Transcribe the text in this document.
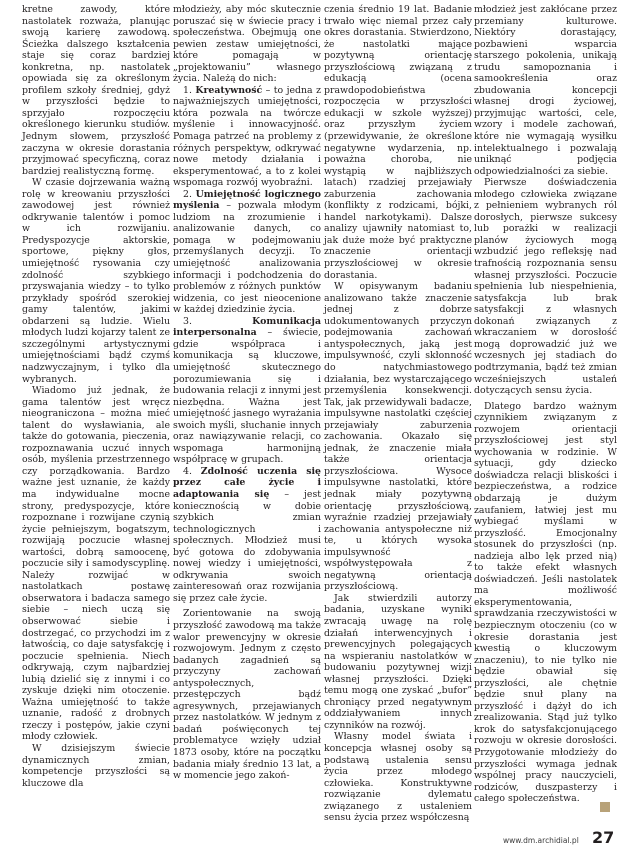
kretne zawody, które nastolatek rozważa, planując swoją karierę zawodową. Ścieżka dalszego kształcenia staje się coraz bardziej konkretna, np. nastolatek opowiada się za określonym profilem szkoły średniej, gdyż w przyszłości będzie to sprzyjało rozpoczęciu określonego kierunku studiów. Jednym słowem, przyszłość zaczyna w okresie dorastania przyjmować specyficzną, coraz bardziej realistyczną formę.

W czasie dojrzewania ważną rolę w kreowaniu przyszłości zawodowej jest również odkrywanie talentów i pomoc w ich rozwijaniu. Predyspozycje aktorskie, sportowe, piękny głos, umiejętność rysowania czy zdolność szybkiego przyswajania wiedzy – to tylko przykłady spośród szerokiej gamy talentów, jakimi obdarzeni są ludzie. Wielu młodych ludzi kojarzy talent ze szczególnymi artystycznymi umiejętnościami bądź czymś nadzwyczajnym, i tylko dla wybranych.

Wiadomo już jednak, że gama talentów jest wręcz nieograniczona – można mieć talent do wysławiania, ale także do gotowania, pieczenia, rozpoznawania uczuć innych osób, myślenia przestrzennego czy porządkowania. Bardzo ważne jest uznanie, że każdy ma indywidualne mocne strony, predyspozycje, które rozpoznane i rozwijane czynią życie pełniejszym, bogatszym, rozwijają poczucie własnej wartości, dobrą samoocenę, poczucie siły i samodyscyplinę. Należy rozwijać w nastolatkach postawę obserwatora i badacza samego siebie – niech uczą się obserwować siebie i dostrzegać, co przychodzi im z łatwością, co daje satysfakcję i poczucie spełnienia. Niech odkrywają, czym najbardziej lubią dzielić się z innymi i co zyskuje dzięki nim otoczenie. Ważna umiejętność to także uznanie, radość z drobnych rzeczy i postępów, jakie czyni młody człowiek.

W dzisiejszym świecie dynamicznych zmian, kompetencje przyszłości są kluczowe dla

młodzieży, aby móc skutecznie poruszać się w świecie pracy i społeczeństwa. Obejmują one pewien zestaw umiejętności, które pomagają w „projektowaniu” własnego życia. Należą do nich:

1. Kreatywność – to jedna z najważniejszych umiejętności, która pozwala na twórcze myślenie i innowacyjność. Pomaga patrzeć na problemy z różnych perspektyw, odkrywać nowe metody działania i eksperymentować, a to z kolei wspomaga rozwój wyobraźni.
2. Umiejętność logicznego myślenia – pozwala młodym ludziom na zrozumienie i analizowanie danych, co pomaga w podejmowaniu przemyślanych decyzji. To umiejętność analizowania informacji i podchodzenia do problemów z różnych punktów widzenia, co jest nieocenione w każdej dziedzinie życia.
3.	Komunikacja interpersonalna – świecie, gdzie współpraca i komunikacja są kluczowe, umiejętność skutecznego porozumiewania się i budowania relacji z innymi jest niezbędna. Ważna jest umiejętność jasnego wyrażania swoich myśli, słuchanie innych oraz nawiązywanie relacji, co wspomaga harmonijną współpracę w grupach.
4. Zdolność uczenia się przez całe życie i adaptowania się – jest koniecznością w dobie szybkich zmian technologicznych i społecznych. Młodzież musi być gotowa do zdobywania nowej wiedzy i umiejętności, odkrywania swoich zainteresowań oraz rozwijania się przez całe życie.

Zorientowanie na swoją przyszłość zawodową ma także walor prewencyjny w okresie rozwojowym. Jednym z często badanych zagadnień są przyczyny zachowań antyspołecznych, przestępczych bądź agresywnych, przejawianych przez nastolatków. W jednym z badań poświęconych tej problematyce wzięły udział 1873 osoby, które na początku badania miały średnio 13 lat, a w momencie jego zakoń-

czenia średnio 19 lat. Badanie trwało więc niemal przez cały okres dorastania. Stwierdzono, że nastolatki mające pozytywną orientację przyszłościową związaną z edukacją (ocena prawdopodobieństwa rozpoczęcia w przyszłości edukacji w szkole wyższej) oraz przyszłym życiem (przewidywanie, że określone negatywne wydarzenia, np. poważna choroba, nie wystąpią w najbliższych latach) rzadziej przejawiały zaburzenia zachowania (konflikty z rodzicami, bójki, handel narkotykami). Dalsze analizy ujawniły natomiast to, jak duże może być praktyczne znaczenie orientacji przyszłościowej w okresie dorastania.

W opisywanym badaniu analizowano także znaczenie jednej z dobrze udokumentowanych przyczyn podejmowania zachowań antyspołecznych, jaką jest impulsywność, czyli skłonność do natychmiastowego działania, bez wystarczającego przemyślenia konsekwencji. Tak, jak przewidywali badacze, impulsywne nastolatki częściej przejawiały zaburzenia zachowania. Okazało się jednak, że znaczenie miała także orientacja przyszłościowa. Wysoce impulsywne nastolatki, które jednak miały pozytywną orientację przyszłościową, wyraźnie rzadziej przejawiały zachowania antyspołeczne niż te, u których wysoka impulsywność współwystępowała z negatywną orientacją przyszłościową.

Jak stwierdzili autorzy badania, uzyskane wyniki zwracają uwagę na rolę działań interwencyjnych i prewencyjnych polegających na wspieraniu nastolatków w budowaniu pozytywnej wizji własnej przyszłości. Dzięki temu mogą one zyskać „bufor” chroniący przed negatywnym oddziaływaniem innych czynników na rozwój.

Własny model świata i koncepcja własnej osoby są podstawą ustalenia sensu życia przez młodego człowieka. Konstruktywne rozwiązanie dylematu związanego z ustaleniem sensu życia przez współczesną

młodzież jest zakłócane przez przemiany kulturowe. Niektóry dorastający, pozbawieni wsparcia starszego pokolenia, unikają trudu samopoznania i samookreślenia oraz zbudowania koncepcji własnej drogi życiowej, przyjmując wartości, cele, wzory i modele zachowań, które nie wymagają wysiłku intelektualnego i pozwalają uniknąć podjęcia odpowiedzialności za siebie.

Pierwsze doświadczenia młodego człowieka związane z pełnieniem wybranych ról dorosłych, pierwsze sukcesy lub porażki w realizacji planów życiowych mogą wzbudzić jego refleksję nad trafnością rozpoznania sensu własnej przyszłości. Poczucie spełnienia lub niespełnienia, satysfakcja lub brak satysfakcji z własnych dokonań związanych z wkraczaniem w dorosłość mogą doprowadzić już we wczesnych jej stadiach do podtrzymania, bądź też zmian wcześniejszych ustaleń dotyczących sensu życia.

Dlatego bardzo ważnym czynnikiem związanym z rozwojem orientacji przyszłościowej jest styl wychowania w rodzinie. W sytuacji, gdy dziecko doświadcza relacji bliskości i bezpieczeństwa, a rodzice obdarzają je dużym zaufaniem, łatwiej jest mu wybiegać myślami w przyszłość. Emocjonalny stosunek do przyszłości (np. nadzieja albo lęk przed nią) to także efekt własnych doświadczeń. Jeśli nastolatek ma możliwość eksperymentowania, sprawdzania rzeczywistości w bezpiecznym otoczeniu (co w okresie dorastania jest kwestią o kluczowym znaczeniu), to nie tylko nie będzie obawiał się przyszłości, ale chętnie będzie snuł plany na przyszłość i dążył do ich zrealizowania. Stąd już tylko krok do satysfakcjonującego rozwoju w okresie dorosłości. Przygotowanie młodzieży do przyszłości wymaga jednak wspólnej pracy nauczycieli, rodziców, duszpasterzy i całego społeczeństwa.

www.dm.archidial.pl 27
